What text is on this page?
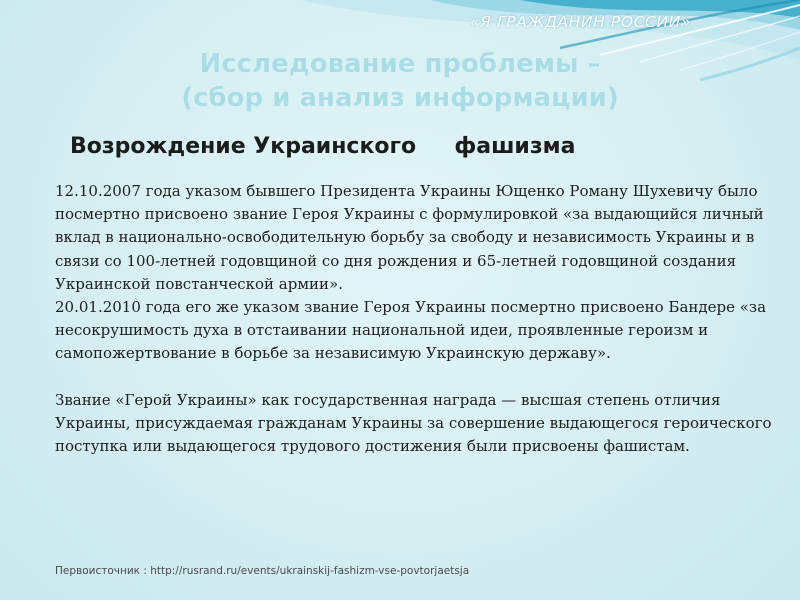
«Я ГРАЖДАНИН РОССИИ»
Исследование проблемы –
(сбор и анализ информации)
Возрождение Украинского     фашизма

12.10.2007 года указом бывшего Президента Украины Ющенко Роману Шухевичу было посмертно присвоено звание Героя Украины с формулировкой «за выдающийся личный вклад в национально-освободительную борьбу за свободу и независимость Украины и в связи со 100-летней годовщиной со дня рождения и 65-летней годовщиной создания Украинской повстанческой армии».

20.01.2010 года его же указом звание Героя Украины посмертно присвоено Бандере «за несокрушимость духа в отстаивании национальной идеи, проявленные героизм и самопожертвование в борьбе за независимую Украинскую державу».

Звание «Герой Украины» как государственная награда — высшая степень отличия Украины, присуждаемая гражданам Украины за совершение выдающегося героического поступка или выдающегося трудового достижения были присвоены фашистам.

Первоисточник : http://rusrand.ru/events/ukrainskij-fashizm-vse-povtorjaetsja
